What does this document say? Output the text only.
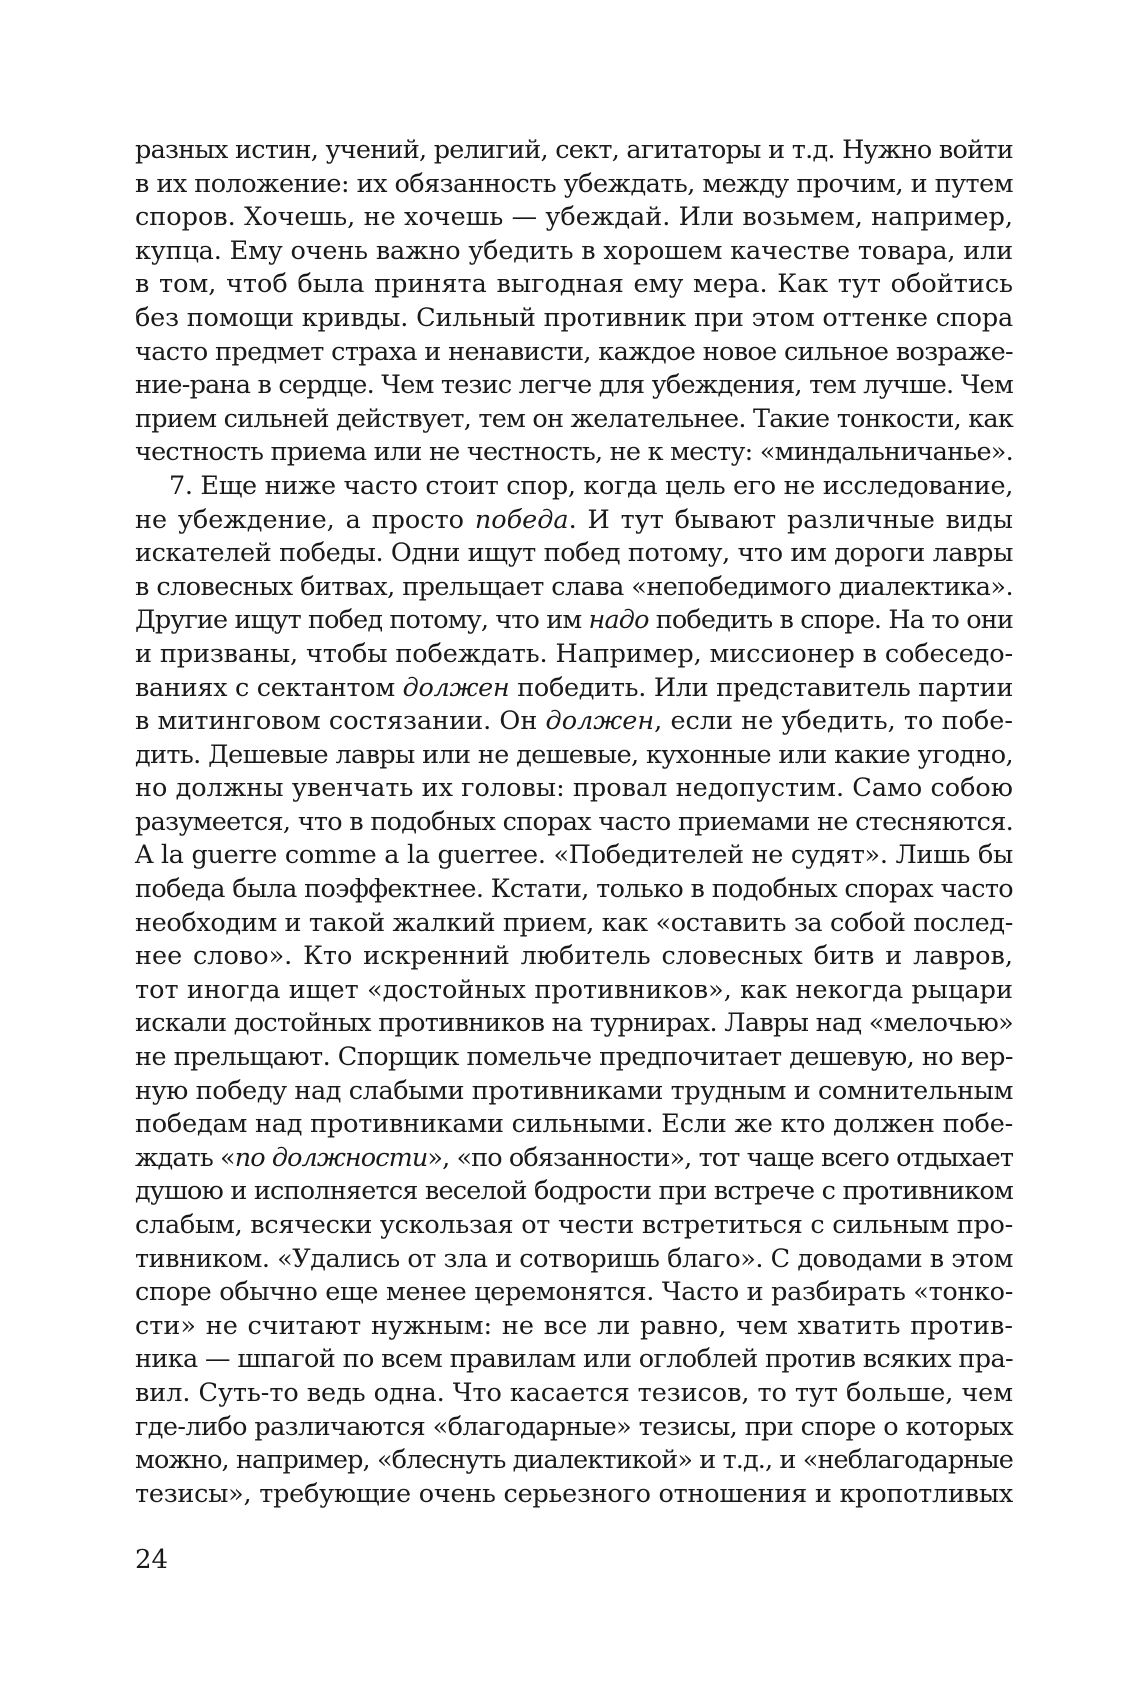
разных истин, учений, религий, сект, агитаторы и т.д. Нужно войти
в их положение: их обязанность убеждать, между прочим, и путем
споров. Хочешь, не хочешь — убеждай. Или возьмем, например,
купца. Ему очень важно убедить в хорошем качестве товара, или
в том, чтоб была принята выгодная ему мера. Как тут обойтись
без помощи кривды. Сильный противник при этом оттенке спора
часто предмет страха и ненависти, каждое новое сильное возраже-
ние-рана в сердце. Чем тезис легче для убеждения, тем лучше. Чем
прием сильней действует, тем он желательнее. Такие тонкости, как
честность приема или не честность, не к месту: «миндальничанье».
7. Еще ниже часто стоит спор, когда цель его не исследование,
не убеждение, а просто победа. И тут бывают различные виды
искателей победы. Одни ищут побед потому, что им дороги лавры
в словесных битвах, прельщает слава «непобедимого диалектика».
Другие ищут побед потому, что им надо победить в споре. На то они
и призваны, чтобы побеждать. Например, миссионер в собеседо-
ваниях с сектантом должен победить. Или представитель партии
в митинговом состязании. Он должен, если не убедить, то побе-
дить. Дешевые лавры или не дешевые, кухонные или какие угодно,
но должны увенчать их головы: провал недопустим. Само собою
разумеется, что в подобных спорах часто приемами не стесняются.
A la guerre comme a la guerree. «Победителей не судят». Лишь бы
победа была поэффектнее. Кстати, только в подобных спорах часто
необходим и такой жалкий прием, как «оставить за собой послед-
нее слово». Кто искренний любитель словесных битв и лавров,
тот иногда ищет «достойных противников», как некогда рыцари
искали достойных противников на турнирах. Лавры над «мелочью»
не прельщают. Спорщик помельче предпочитает дешевую, но вер-
ную победу над слабыми противниками трудным и сомнительным
победам над противниками сильными. Если же кто должен побе-
ждать «по должности», «по обязанности», тот чаще всего отдыхает
душою и исполняется веселой бодрости при встрече с противником
слабым, всячески ускользая от чести встретиться с сильным про-
тивником. «Удались от зла и сотворишь благо». С доводами в этом
споре обычно еще менее церемонятся. Часто и разбирать «тонко-
сти» не считают нужным: не все ли равно, чем хватить против-
ника — шпагой по всем правилам или оглоблей против всяких пра-
вил. Суть-то ведь одна. Что касается тезисов, то тут больше, чем
где-либо различаются «благодарные» тезисы, при споре о которых
можно, например, «блеснуть диалектикой» и т.д., и «неблагодарные
тезисы», требующие очень серьезного отношения и кропотливых
24
